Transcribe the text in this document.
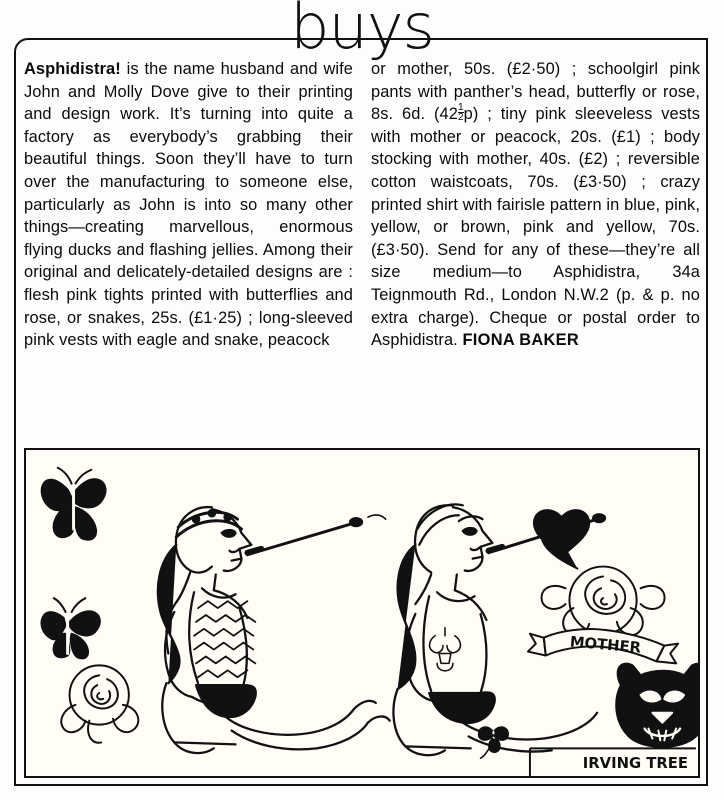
buys

Asphidistra! is the name husband and wife John and Molly Dove give to their printing and design work. It’s turning into quite a factory as everybody’s grabbing their beautiful things. Soon they’ll have to turn over the manufacturing to someone else, particularly as John is into so many other things—creating marvellous, enormous flying ducks and flashing jellies. Among their original and delicately-detailed designs are : flesh pink tights printed with butterflies and rose, or snakes, 25s. (£1·25) ; long-sleeved pink vests with eagle and snake, peacock

or mother, 50s. (£2·50) ; schoolgirl pink pants with panther’s head, butterfly or rose, 8s. 6d. $(42 \frac{1}{2} p)$ ; tiny pink sleeveless vests with mother or peacock, 20s. (£1) ; body stocking with mother, 40s. (£2) ; reversible cotton waistcoats, 70s. (£3·50) ; crazy printed shirt with fairisle pattern in blue, pink, yellow, or brown, pink and yellow, 70s. (£3·50). Send for any of these—they’re all size medium—to Asphidistra, 34a Teignmouth Rd., London N.W.2 (p. & p. no extra charge). Cheque or postal order to Asphidistra. FIONA BAKER

MOTHER
IRVING TREE
